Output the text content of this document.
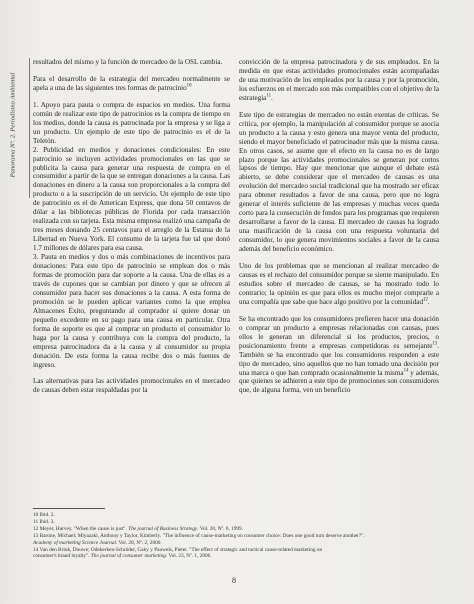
Panorama Nº. 2. Periodismo Ambiental

resultados del mismo y la función de mercadeo de la OSL cambia.

Para el desarrollo de la estrategia del mercadeo normalmente se apela a una de las siguientes tres formas de patrocinio$^{10}$

1. Apoyo para pauta o compra de espacios en medios. Una forma común de realizar este tipo de patrocinios es la compra de tiempo en los medios, donde la causa es patrocinada por la empresa y se liga a un producto. Un ejemplo de este tipo de patrocinio es el de la Teletón.

2. Publicidad en medios y donaciones condicionales: En este patrocinio se incluyen actividades promocionales en las que se publicita la causa para generar una respuesta de compra en el consumidor a partir de la que se entregan donaciones a la causa. Las donaciones en dinero a la causa son proporcionales a la compra del producto o a la suscripción de un servicio. Un ejemplo de este tipo de patrocinio es el de American Express, que dona 50 centavos de dólar a las bibliotecas públicas de Florida por cada transacción realizada con su tarjeta. Esta misma empresa realizó una campaña de tres meses donando 25 centavos para el arreglo de la Estatua de la Libertad en Nueva York. El consumo de la tarjeta fue tal que donó 1.7 millones de dólares para esa causa.

3. Pauta en medios y dos o más combinaciones de incentivos para donaciones: Para este tipo de patrocinio se emplean dos o más formas de promoción para dar soporte a la causa. Una de ellas es a través de cupones que se cambian por dinero y que se ofrecen al consumidor para hacer sus donaciones a la causa. A esta forma de promoción se le pueden aplicar variantes como la que emplea Almacenes Éxito, preguntando al comprador si quiere donar un pequeño excedente en su pago para una causa en particular. Otra forma de soporte es que al comprar un producto el consumidor lo haga por la causa y contribuya con la compra del producto, la empresa patrocinadora da a la causa y al consumidor su propia donación. De esta forma la causa recibe dos o más fuentes de ingreso.

Las alternativas para las actividades promocionales en el mercadeo de causas deben estar respaldadas por la

convicción de la empresa patrocinadora y de sus empleados. En la medida en que estas actividades promocionales están acompañadas de una motivación de los empleados por la causa y por la promoción, los esfuerzos en el mercado son más compatibles con el objetivo de la estrategia$^{11}$.

Este tipo de estrategias de mercadeo no están exentas de críticas. Se critica, por ejemplo, la manipulación al consumidor porque se asocia un producto a la causa y esto genera una mayor venta del producto, siendo el mayor beneficiado el patrocinador más que la misma causa. En otros casos, se asume que el efecto en la causa no es de largo plazo porque las actividades promocionales se generan por cortos lapsos de tiempo. Hay que mencionar que aunque el debate está abierto, se debe considerar que el mercadeo de causas es una evolución del mercadeo social tradicional que ha mostrado ser eficaz para obtener resultados a favor de una causa, pero que no logra generar el interés suficiente de las empresas y muchas veces queda corto para la consecución de fondos para los programas que requieren desarrollarse a favor de la causa. El mercadeo de causas ha logrado una masificación de la causa con una respuesta voluntaria del consumidor, lo que genera movimientos sociales a favor de la causa además del beneficio económico.

Uno de los problemas que se mencionan al realizar mercadeo de causas es el rechazo del consumidor porque se siente manipulado. En estudios sobre el mercadeo de causas, se ha mostrado todo lo contrario; la opinión es que para ellos es mucho mejor comprarle a una compañía que sabe que hace algo positivo por la comunidad$^{12}$.

Se ha encontrado que los consumidores prefieren hacer una donación o comprar un producto a empresas relacionadas con causas, pues ellos le generan un diferencial si los productos, precios, o posicionamiento frente a empresas competidoras es semejante$^{13}$. También se ha encontrado que los consumidores responden a este tipo de mercadeo, sino aquellos que no han tomado una decisión por una marca o que han comprado ocasionalmente la misma$^{14}$ y además, que quienes se adhieren a este tipo de promociones son consumidores que, de alguna forma, ven un beneficio

10 Ibid. 2.
11 Ibid. 3.
12 Meyer, Harvey. "When the cause is just". The journal of Business Strategy. Vol. 20, Nº. 6, 1999.
13 Barone, Michael; Miyazaki, Anthony y Taylor, Kimberly. "The influence of cause-marketing on consumer choice: Does one good turn deserve another?".
Academy of marketing Science Journal. Vol. 28, Nº. 2, 2000.
14 Van den Brink, Douwe; Odekerken-Schröder, Gaby y Pauwels, Pieter. "The effect of strategic and tactical cause-related marketing on
consumer's brand loyalty". The journal of consumer marketing. Vol. 23, Nº. 1, 2006.
8
